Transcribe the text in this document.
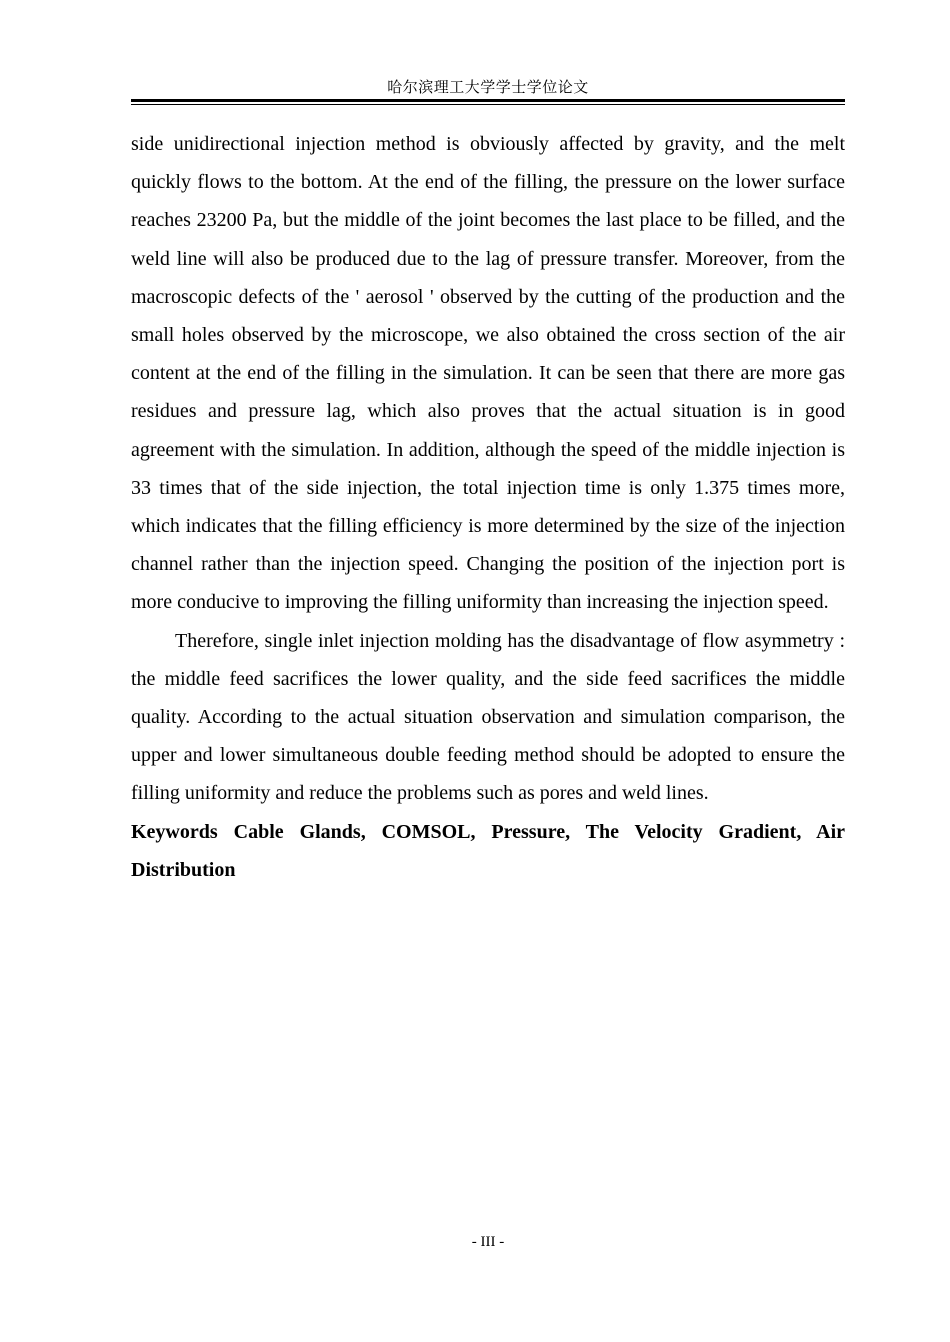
哈尔滨理工大学学士学位论文

side unidirectional injection method is obviously affected by gravity, and the melt quickly flows to the bottom. At the end of the filling, the pressure on the lower surface reaches 23200 Pa, but the middle of the joint becomes the last place to be filled, and the weld line will also be produced due to the lag of pressure transfer. Moreover, from the macroscopic defects of the ' aerosol ' observed by the cutting of the production and the small holes observed by the microscope, we also obtained the cross section of the air content at the end of the filling in the simulation. It can be seen that there are more gas residues and pressure lag, which also proves that the actual situation is in good agreement with the simulation. In addition, although the speed of the middle injection is 33 times that of the side injection, the total injection time is only 1.375 times more, which indicates that the filling efficiency is more determined by the size of the injection channel rather than the injection speed. Changing the position of the injection port is more conducive to improving the filling uniformity than increasing the injection speed.

Therefore, single inlet injection molding has the disadvantage of flow asymmetry : the middle feed sacrifices the lower quality, and the side feed sacrifices the middle quality. According to the actual situation observation and simulation comparison, the upper and lower simultaneous double feeding method should be adopted to ensure the filling uniformity and reduce the problems such as pores and weld lines.

Keywords Cable Glands, COMSOL, Pressure, The Velocity Gradient, Air Distribution

- III -
